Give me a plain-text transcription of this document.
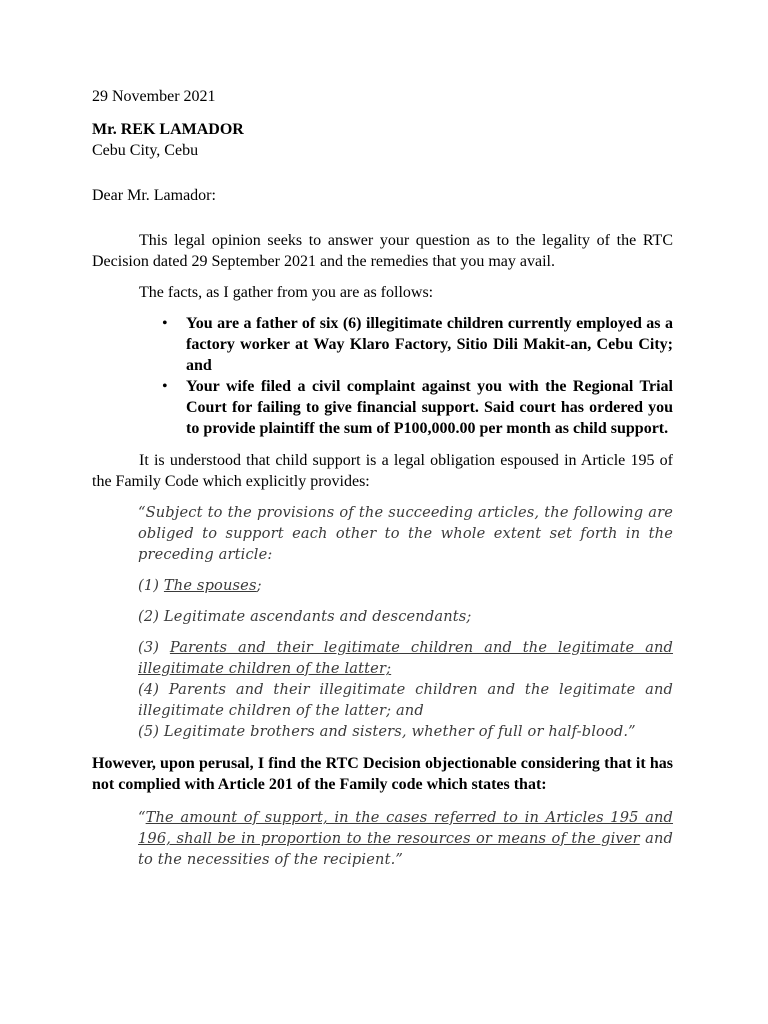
29 November 2021

Mr. REK LAMADOR

Cebu City, Cebu

Dear Mr. Lamador:

This legal opinion seeks to answer your question as to the legality of the RTC Decision dated 29 September 2021 and the remedies that you may avail.

The facts, as I gather from you are as follows:

• You are a father of six (6) illegitimate children currently employed as a factory worker at Way Klaro Factory, Sitio Dili Makit-an, Cebu City; and
• Your wife filed a civil complaint against you with the Regional Trial Court for failing to give financial support. Said court has ordered you to provide plaintiff the sum of P100,000.00 per month as child support.

It is understood that child support is a legal obligation espoused in Article 195 of the Family Code which explicitly provides:

“Subject to the provisions of the succeeding articles, the following are obliged to support each other to the whole extent set forth in the preceding article:

(1) The spouses;

(2) Legitimate ascendants and descendants;

(3) Parents and their legitimate children and the legitimate and illegitimate children of the latter;

(4) Parents and their illegitimate children and the legitimate and illegitimate children of the latter; and

(5) Legitimate brothers and sisters, whether of full or half-blood.”

However, upon perusal, I find the RTC Decision objectionable considering that it has not complied with Article 201 of the Family code which states that:

“The amount of support, in the cases referred to in Articles 195 and 196, shall be in proportion to the resources or means of the giver and to the necessities of the recipient.”
